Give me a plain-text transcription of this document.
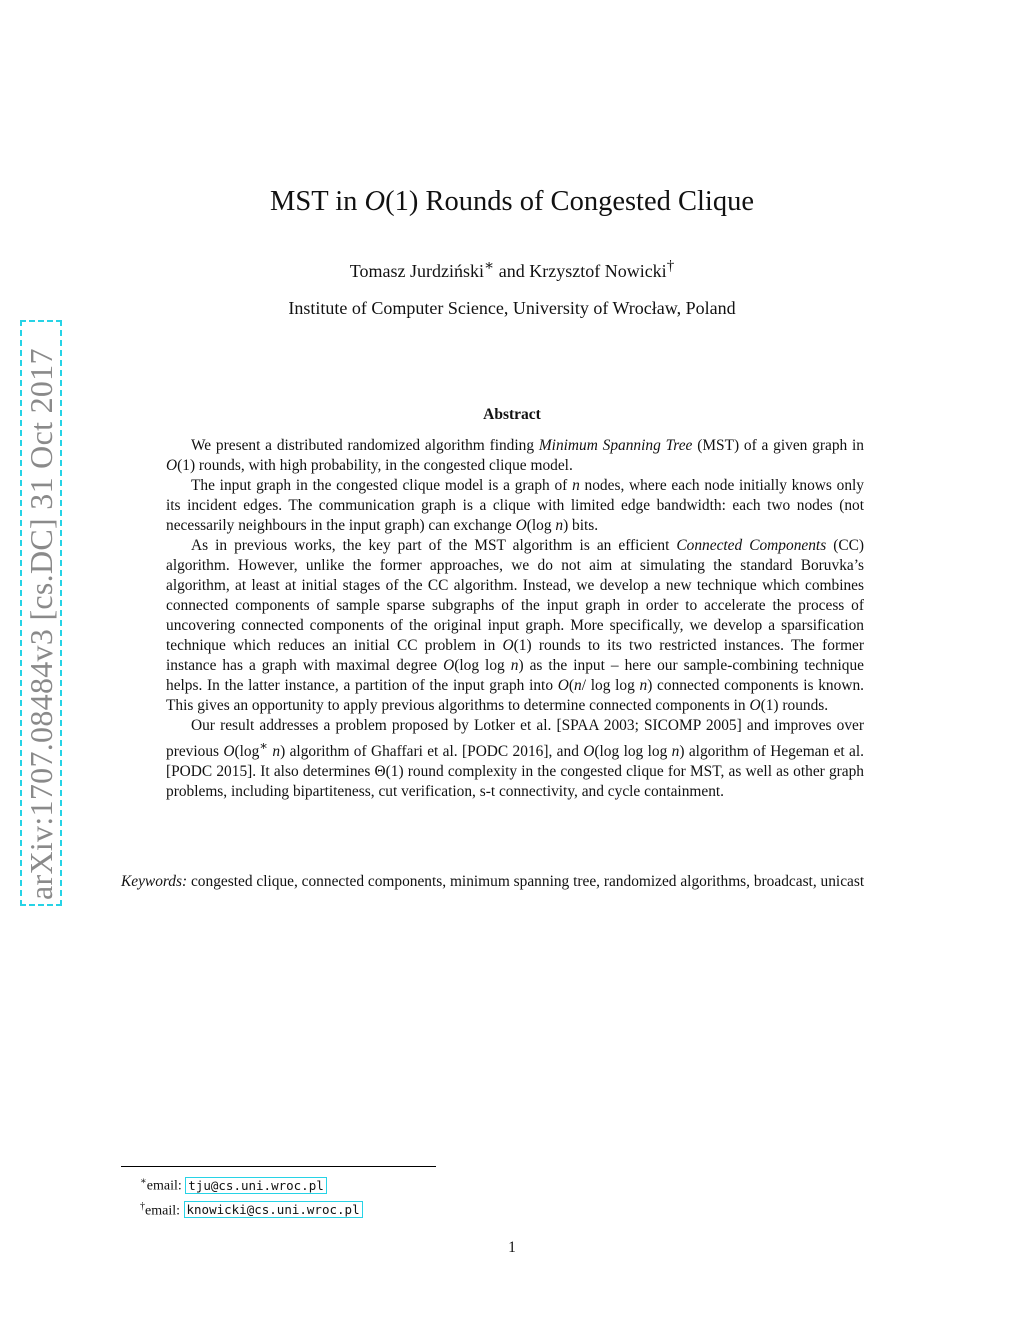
arXiv:1707.08484v3 [cs.DC] 31 Oct 2017
MST in O(1) Rounds of Congested Clique
Tomasz Jurdziński∗ and Krzysztof Nowicki†
Institute of Computer Science, University of Wrocław, Poland
Abstract

We present a distributed randomized algorithm finding Minimum Spanning Tree (MST) of a given graph in O(1) rounds, with high probability, in the congested clique model.

The input graph in the congested clique model is a graph of n nodes, where each node initially knows only its incident edges. The communication graph is a clique with limited edge bandwidth: each two nodes (not necessarily neighbours in the input graph) can exchange O(log n) bits.

As in previous works, the key part of the MST algorithm is an efficient Connected Components (CC) algorithm. However, unlike the former approaches, we do not aim at simulating the standard Boruvka’s algorithm, at least at initial stages of the CC algorithm. Instead, we develop a new technique which combines connected components of sample sparse subgraphs of the input graph in order to accelerate the process of uncovering connected components of the original input graph. More specifically, we develop a sparsification technique which reduces an initial CC problem in O(1) rounds to its two restricted instances. The former instance has a graph with maximal degree O(log log n) as the input – here our sample-combining technique helps. In the latter instance, a partition of the input graph into O(n/ log log n) connected components is known. This gives an opportunity to apply previous algorithms to determine connected components in O(1) rounds.

Our result addresses a problem proposed by Lotker et al. [SPAA 2003; SICOMP 2005] and improves over previous O(log∗ n) algorithm of Ghaffari et al. [PODC 2016], and O(log log log n) algorithm of Hegeman et al. [PODC 2015]. It also determines Θ(1) round complexity in the congested clique for MST, as well as other graph problems, including bipartiteness, cut verification, s-t connectivity, and cycle containment.

Keywords: congested clique, connected components, minimum spanning tree, randomized algorithms, broadcast, unicast
∗email: tju@cs.uni.wroc.pl
†email: knowicki@cs.uni.wroc.pl
1
